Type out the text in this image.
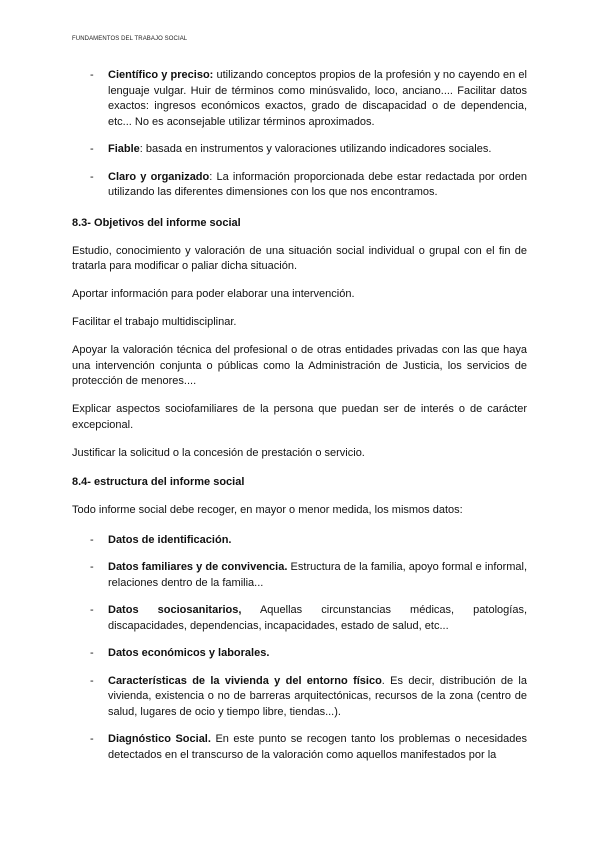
FUNDAMENTOS DEL TRABAJO SOCIAL
- Científico y preciso: utilizando conceptos propios de la profesión y no cayendo en el lenguaje vulgar. Huir de términos como minúsvalido, loco, anciano.... Facilitar datos exactos: ingresos económicos exactos, grado de discapacidad o de dependencia, etc... No es aconsejable utilizar términos aproximados.
- Fiable: basada en instrumentos y valoraciones utilizando indicadores sociales.
- Claro y organizado: La información proporcionada debe estar redactada por orden utilizando las diferentes dimensiones con los que nos encontramos.
8.3- Objetivos del informe social

Estudio, conocimiento y valoración de una situación social individual o grupal con el fin de tratarla para modificar o paliar dicha situación.

Aportar información para poder elaborar una intervención.

Facilitar el trabajo multidisciplinar.

Apoyar la valoración técnica del profesional o de otras entidades privadas con las que haya una intervención conjunta o públicas como la Administración de Justicia, los servicios de protección de menores....

Explicar aspectos sociofamiliares de la persona que puedan ser de interés o de carácter excepcional.

Justificar la solicitud o la concesión de prestación o servicio.

8.4- estructura del informe social

Todo informe social debe recoger, en mayor o menor medida, los mismos datos:

- Datos de identificación.
- Datos familiares y de convivencia. Estructura de la familia, apoyo formal e informal, relaciones dentro de la familia...
- Datos sociosanitarios, Aquellas circunstancias médicas, patologías, discapacidades, dependencias, incapacidades, estado de salud, etc...
- Datos económicos y laborales.
- Características de la vivienda y del entorno físico. Es decir, distribución de la vivienda, existencia o no de barreras arquitectónicas, recursos de la zona (centro de salud, lugares de ocio y tiempo libre, tiendas...).
- Diagnóstico Social. En este punto se recogen tanto los problemas o necesidades detectados en el transcurso de la valoración como aquellos manifestados por la
